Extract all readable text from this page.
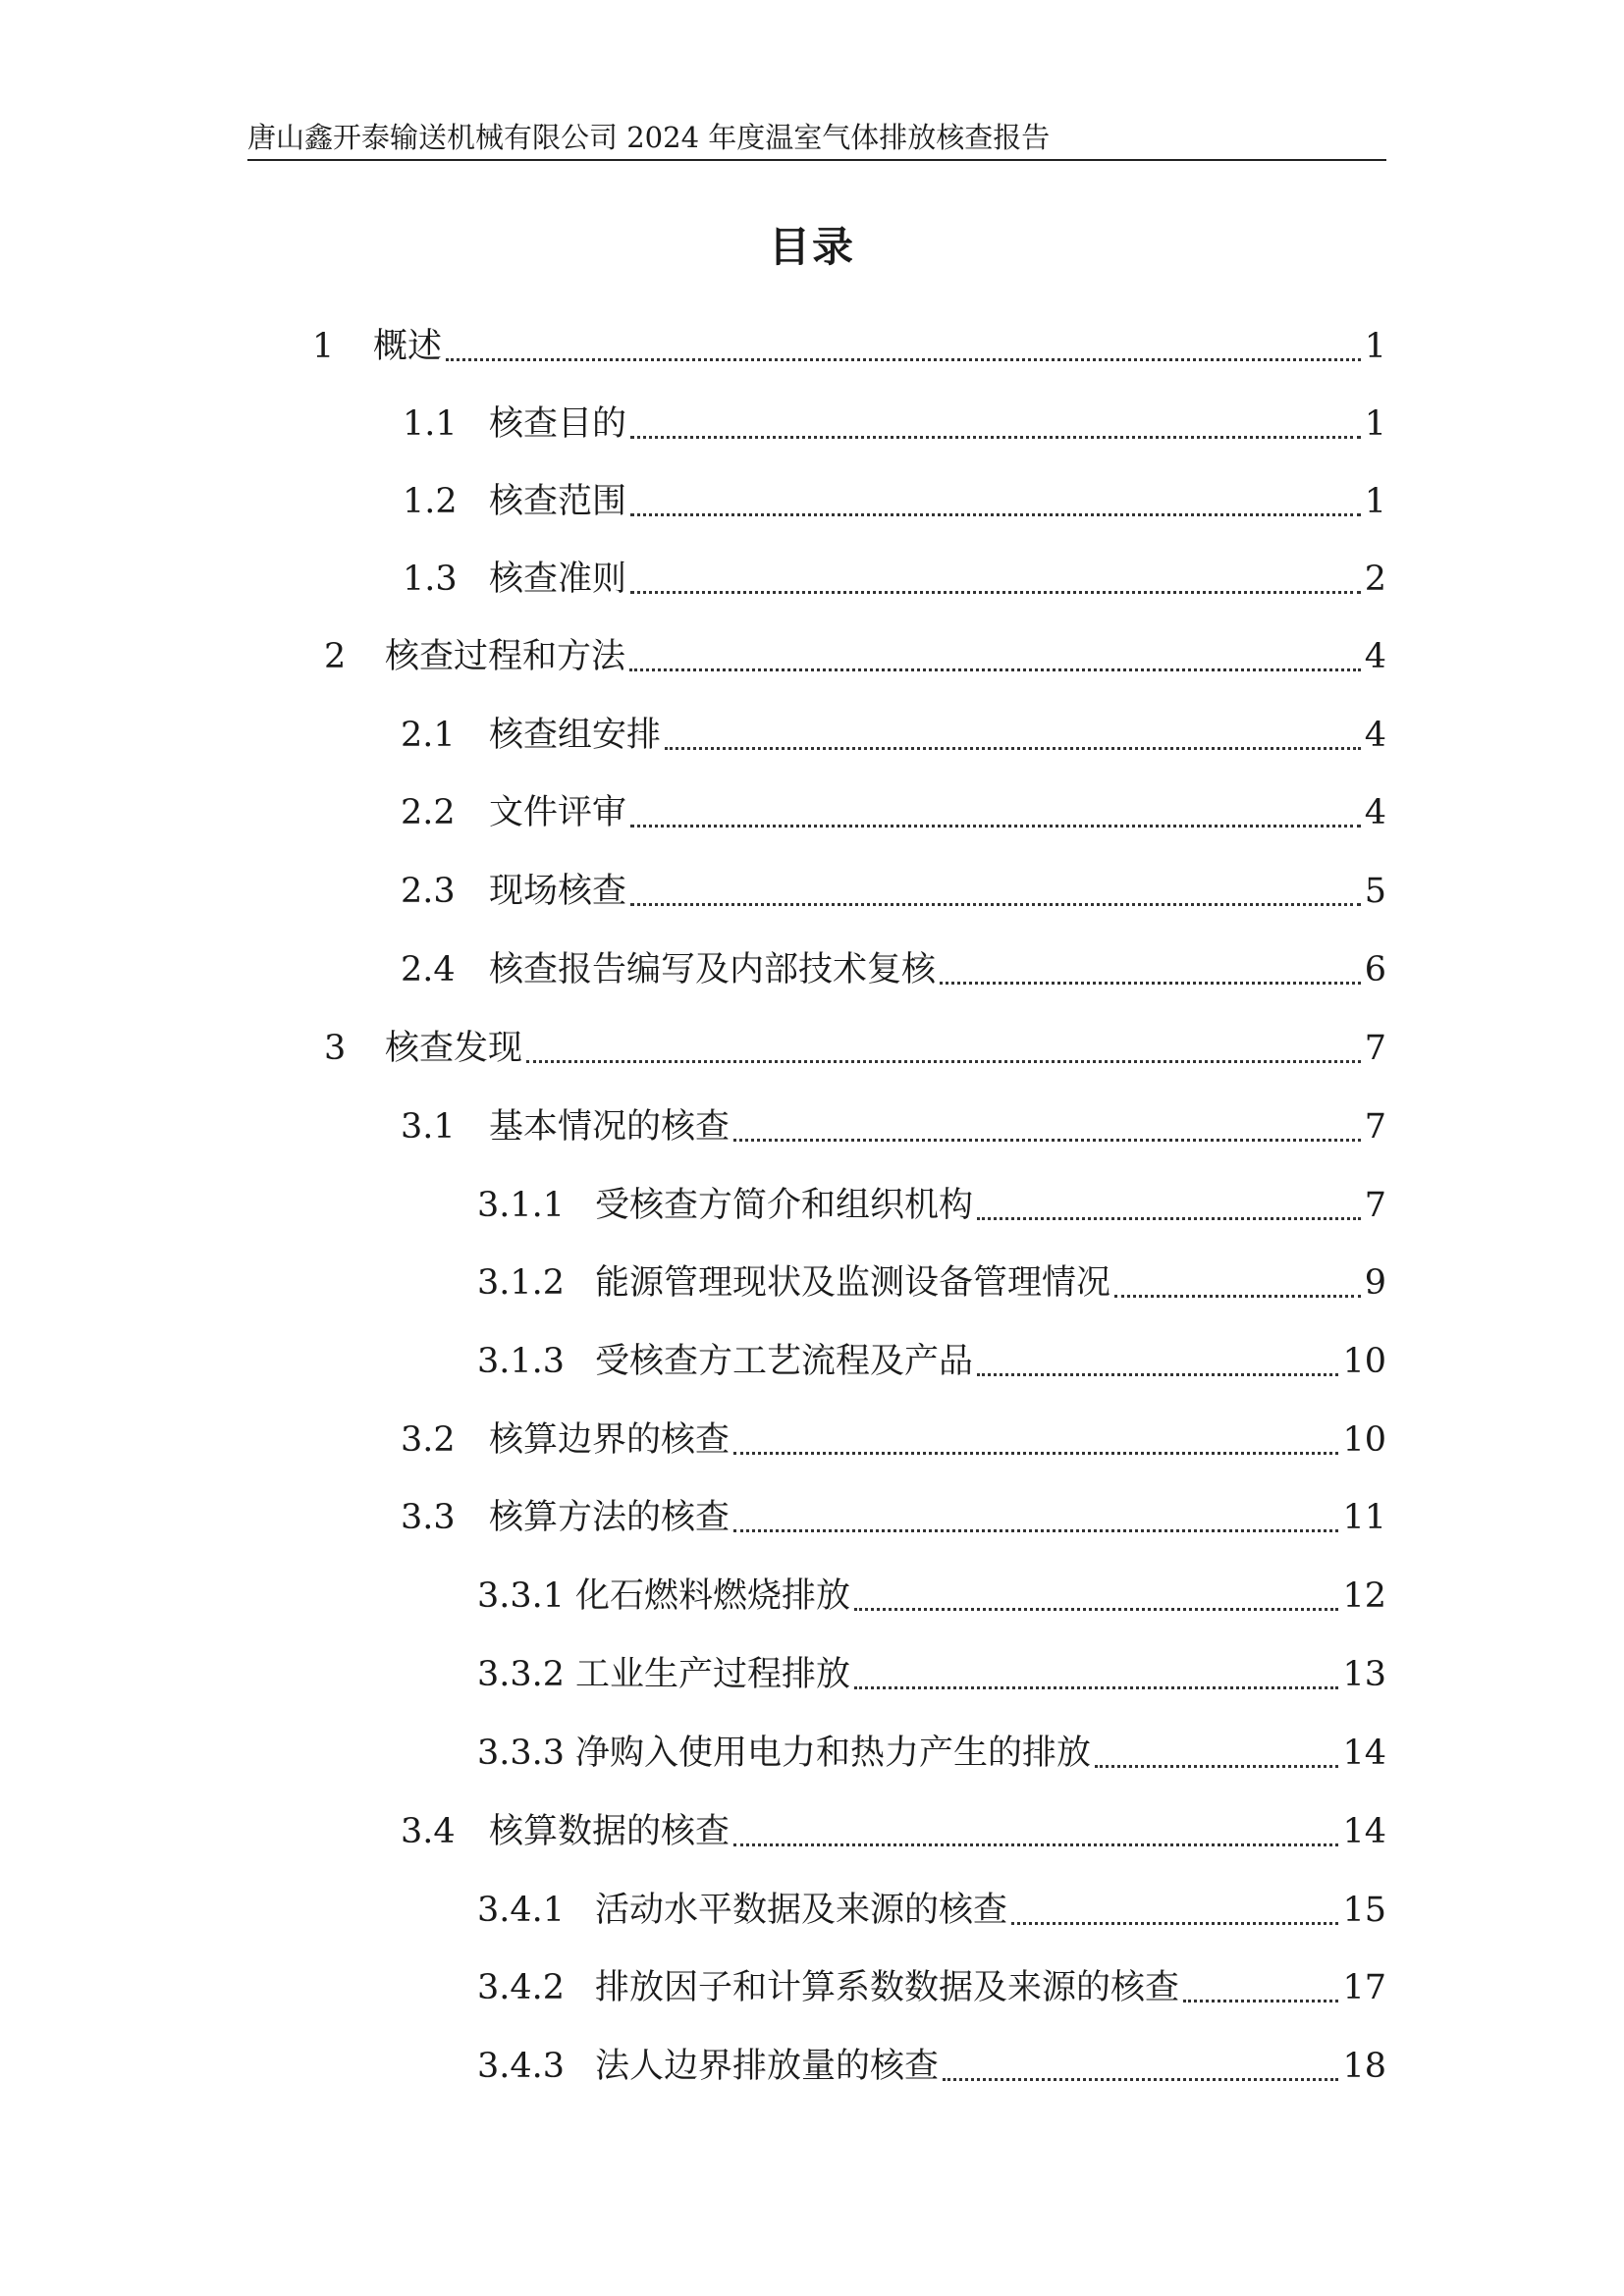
唐山鑫开泰输送机械有限公司 2024 年度温室气体排放核查报告
目录
1	概述	1
1.1 核查目的	1
1.2 核查范围	1
1.3 核查准则	2
2	核查过程和方法	4
2.1 核查组安排	4
2.2 文件评审	4
2.3 现场核查	5
2.4 核查报告编写及内部技术复核	6
3	核查发现	7
3.1 基本情况的核查	7
3.1.1 受核查方简介和组织机构	7
3.1.2 能源管理现状及监测设备管理情况	9
3.1.3 受核查方工艺流程及产品	10
3.2 核算边界的核查	10
3.3 核算方法的核查	11
3.3.1 化石燃料燃烧排放	12
3.3.2 工业生产过程排放	13
3.3.3 净购入使用电力和热力产生的排放	14
3.4 核算数据的核查	14
3.4.1 活动水平数据及来源的核查	15
3.4.2 排放因子和计算系数数据及来源的核查	17
3.4.3 法人边界排放量的核查	18
